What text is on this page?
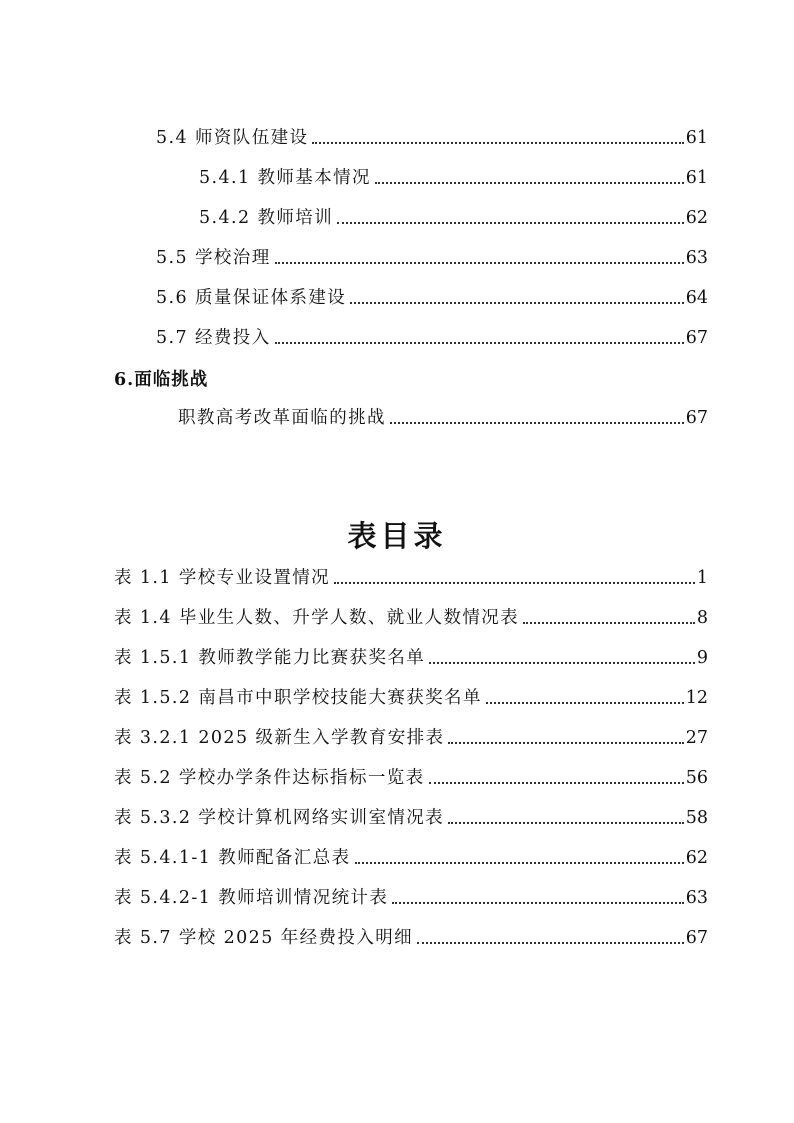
5.4 师资队伍建设	61
5.4.1 教师基本情况	61
5.4.2 教师培训	62
5.5 学校治理	63
5.6 质量保证体系建设	64
5.7 经费投入	67
6.面临挑战
职教高考改革面临的挑战	67
表目录
表 1.1 学校专业设置情况	1
表 1.4 毕业生人数、升学人数、就业人数情况表	8
表 1.5.1 教师教学能力比赛获奖名单	9
表 1.5.2 南昌市中职学校技能大赛获奖名单	12
表 3.2.1 2025 级新生入学教育安排表	27
表 5.2 学校办学条件达标指标一览表	56
表 5.3.2 学校计算机网络实训室情况表	58
表 5.4.1-1 教师配备汇总表	62
表 5.4.2-1 教师培训情况统计表	63
表 5.7 学校 2025 年经费投入明细	67
